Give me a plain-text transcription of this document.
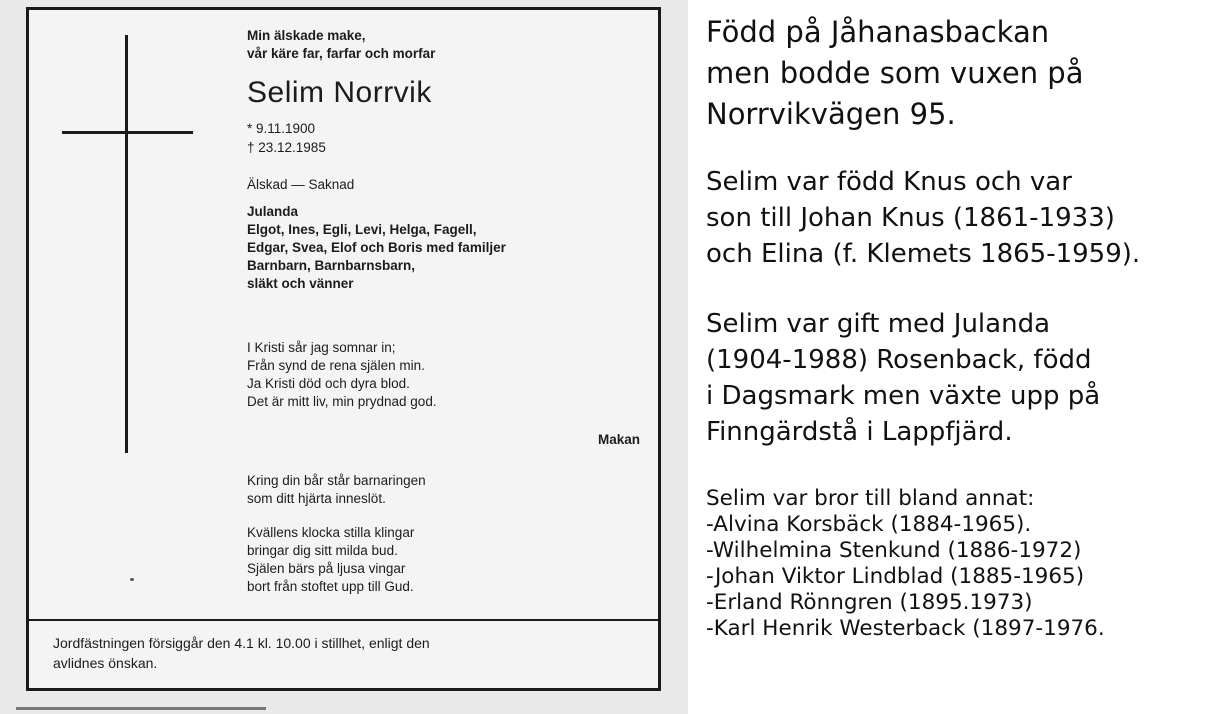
Min älskade make,

vår käre far, farfar och morfar

Selim Norrvik

* 9.11.1900

† 23.12.1985

Älskad — Saknad

Julanda

Elgot, Ines, Egli, Levi, Helga, Fagell,

Edgar, Svea, Elof och Boris med familjer

Barnbarn, Barnbarnsbarn,

släkt och vänner

I Kristi sår jag somnar in;

Från synd de rena själen min.

Ja Kristi död och dyra blod.

Det är mitt liv, min prydnad god.

Makan

Kring din bår står barnaringen

som ditt hjärta inneslöt.

Kvällens klocka stilla klingar

bringar dig sitt milda bud.

Själen bärs på ljusa vingar

bort från stoftet upp till Gud.

Jordfästningen försiggår den 4.1 kl. 10.00 i stillhet, enligt den
avlidnes önskan.

Född på Jåhanasbackan
men bodde som vuxen på
Norrvikvägen 95.

Selim var född Knus och var
son till Johan Knus (1861-1933)
och Elina (f. Klemets 1865-1959).

Selim var gift med Julanda
(1904-1988) Rosenback, född
i Dagsmark men växte upp på
Finngärdstå i Lappfjärd.

Selim var bror till bland annat:
-Alvina Korsbäck (1884-1965).
-Wilhelmina Stenkund (1886-1972)
-Johan Viktor Lindblad (1885-1965)
-Erland Rönngren (1895.1973)
-Karl Henrik Westerback (1897-1976.
